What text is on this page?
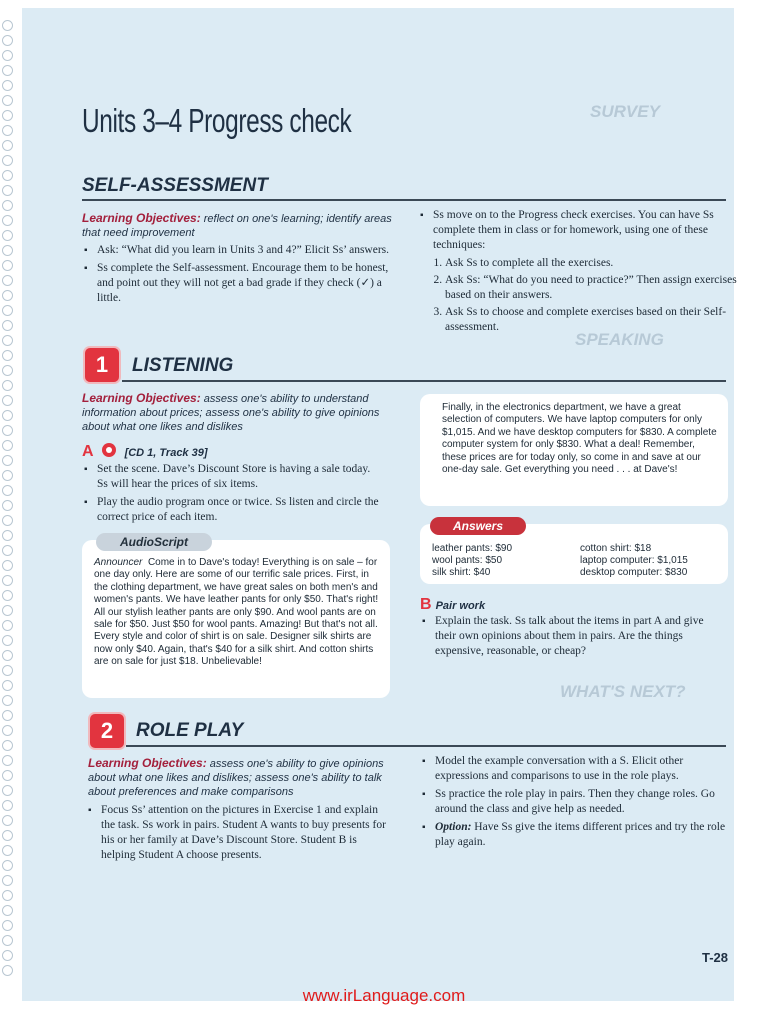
SURVEY
SPEAKING
WHAT'S NEXT?
Units 3–4 Progress check
SELF-ASSESSMENT
Learning Objectives: reflect on one's learning; identify areas that need improvement
▪ Ask: “What did you learn in Units 3 and 4?” Elicit Ss’ answers.
▪ Ss complete the Self-assessment. Encourage them to be honest, and point out they will not get a bad grade if they check (✓) a little.
▪ Ss move on to the Progress check exercises. You can have Ss complete them in class or for homework, using one of these techniques:
1. Ask Ss to complete all the exercises.
2. Ask Ss: “What do you need to practice?” Then assign exercises based on their answers.
3. Ask Ss to choose and complete exercises based on their Self-assessment.
1	LISTENING
Learning Objectives: assess one's ability to understand information about prices; assess one's ability to give opinions about what one likes and dislikes
A	[CD 1, Track 39]
▪ Set the scene. Dave’s Discount Store is having a sale today. Ss will hear the prices of six items.
▪ Play the audio program once or twice. Ss listen and circle the correct price of each item.
AudioScript
Announcer Come in to Dave's today! Everything is on sale – for one day only. Here are some of our terrific sale prices. First, in the clothing department, we have great sales on both men's and women's pants. We have leather pants for only $50. That's right! All our stylish leather pants are only $90. And wool pants are on sale for $50. Just $50 for wool pants. Amazing! But that's not all. Every style and color of shirt is on sale. Designer silk shirts are now only $40. Again, that's $40 for a silk shirt. And cotton shirts are on sale for just $18. Unbelievable!
Finally, in the electronics department, we have a great selection of computers. We have laptop computers for only $1,015. And we have desktop computers for $830. A complete computer system for only $830. What a deal! Remember, these prices are for today only, so come in and save at our one-day sale. Get everything you need . . . at Dave's!
Answers
leather pants: $90	cotton shirt: $18
wool pants: $50	laptop computer: $1,015
silk shirt: $40	desktop computer: $830
B Pair work
▪ Explain the task. Ss talk about the items in part A and give their own opinions about them in pairs. Are the things expensive, reasonable, or cheap?
2	ROLE PLAY
Learning Objectives: assess one's ability to give opinions about what one likes and dislikes; assess one's ability to talk about preferences and make comparisons
▪ Focus Ss’ attention on the pictures in Exercise 1 and explain the task. Ss work in pairs. Student A wants to buy presents for his or her family at Dave’s Discount Store. Student B is helping Student A choose presents.
▪ Model the example conversation with a S. Elicit other expressions and comparisons to use in the role plays.
▪ Ss practice the role play in pairs. Then they change roles. Go around the class and give help as needed.
▪ Option: Have Ss give the items different prices and try the role play again.
T-28
www.irLanguage.com
